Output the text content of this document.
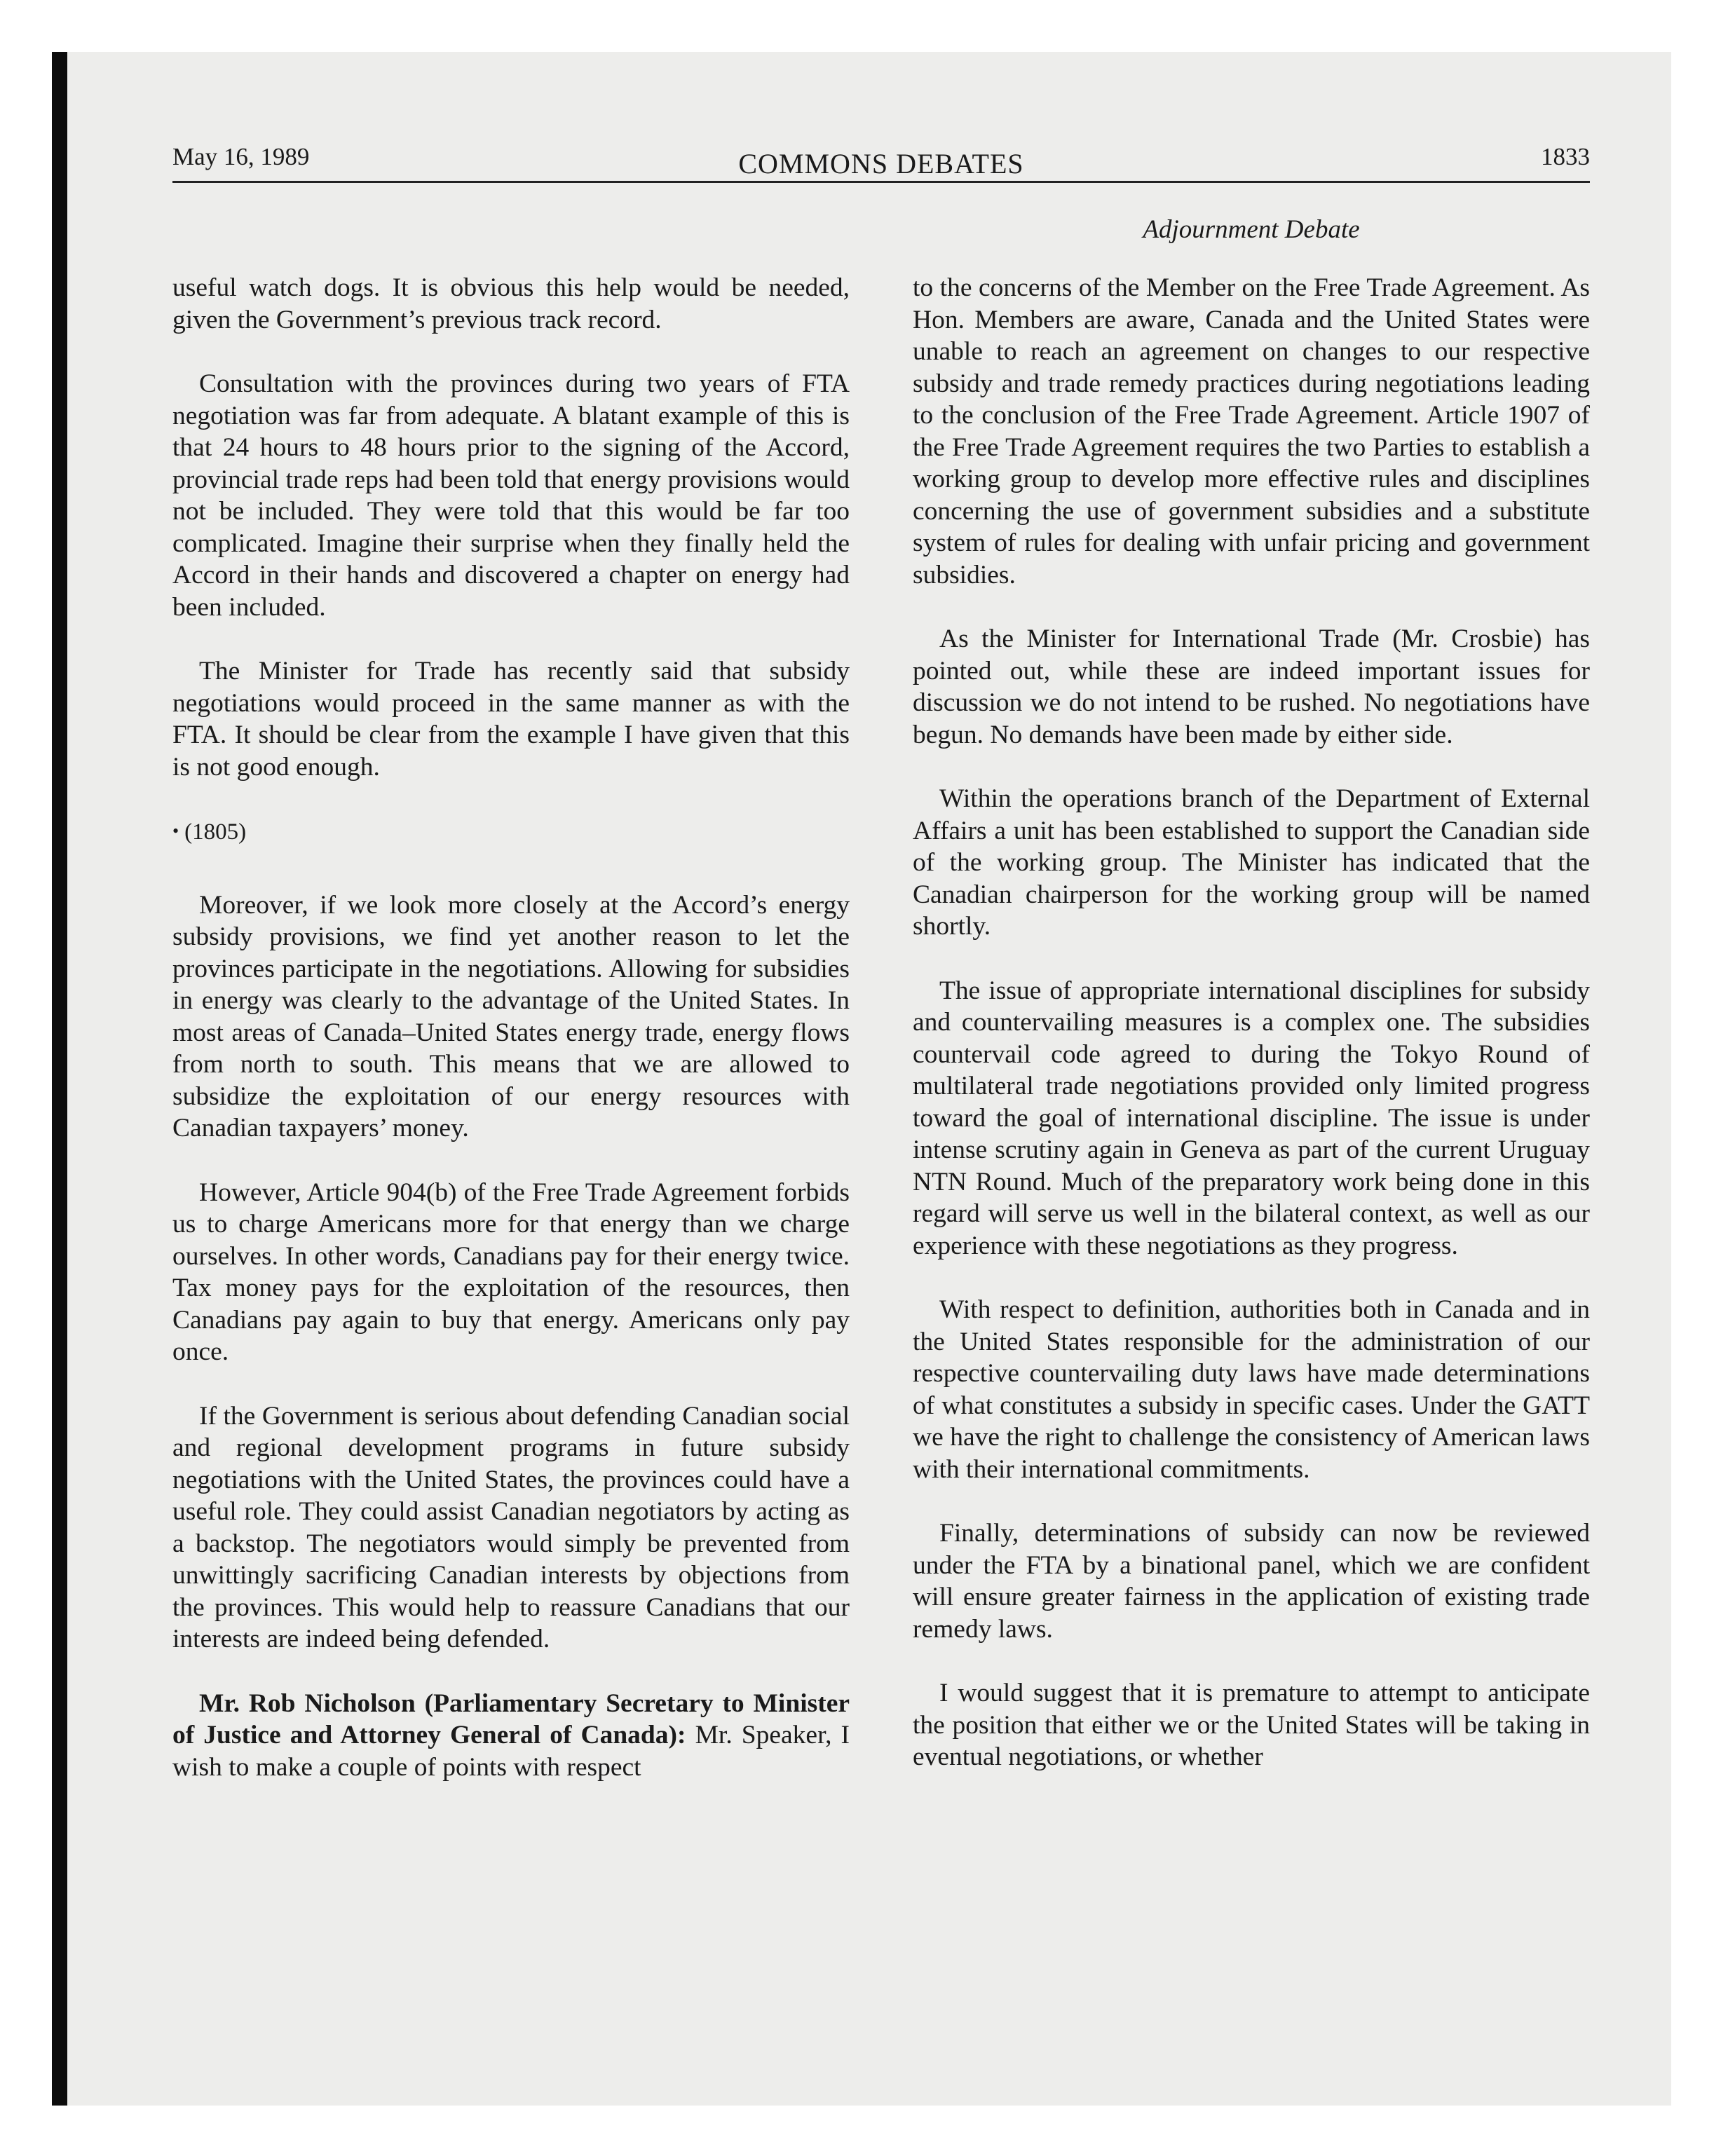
May 16, 1989	COMMONS DEBATES	1833
Adjournment Debate

useful watch dogs. It is obvious this help would be needed, given the Government’s previous track record.

Consultation with the provinces during two years of FTA negotiation was far from adequate. A blatant example of this is that 24 hours to 48 hours prior to the signing of the Accord, provincial trade reps had been told that energy provisions would not be included. They were told that this would be far too complicated. Imagine their surprise when they finally held the Accord in their hands and discovered a chapter on energy had been included.

The Minister for Trade has recently said that subsidy negotiations would proceed in the same manner as with the FTA. It should be clear from the example I have given that this is not good enough.

• (1805)

Moreover, if we look more closely at the Accord’s energy subsidy provisions, we find yet another reason to let the provinces participate in the negotiations. Allowing for subsidies in energy was clearly to the advantage of the United States. In most areas of Canada–United States energy trade, energy flows from north to south. This means that we are allowed to subsidize the exploitation of our energy resources with Canadian taxpayers’ money.

However, Article 904(b) of the Free Trade Agreement forbids us to charge Americans more for that energy than we charge ourselves. In other words, Canadians pay for their energy twice. Tax money pays for the exploitation of the resources, then Canadians pay again to buy that energy. Americans only pay once.

If the Government is serious about defending Canadian social and regional development programs in future subsidy negotiations with the United States, the provinces could have a useful role. They could assist Canadian negotiators by acting as a backstop. The negotiators would simply be prevented from unwittingly sacrificing Canadian interests by objections from the provinces. This would help to reassure Canadians that our interests are indeed being defended.

Mr. Rob Nicholson (Parliamentary Secretary to Minister of Justice and Attorney General of Canada): Mr. Speaker, I wish to make a couple of points with respect

to the concerns of the Member on the Free Trade Agreement. As Hon. Members are aware, Canada and the United States were unable to reach an agreement on changes to our respective subsidy and trade remedy practices during negotiations leading to the conclusion of the Free Trade Agreement. Article 1907 of the Free Trade Agreement requires the two Parties to establish a working group to develop more effective rules and disciplines concerning the use of government subsidies and a substitute system of rules for dealing with unfair pricing and government subsidies.

As the Minister for International Trade (Mr. Crosbie) has pointed out, while these are indeed important issues for discussion we do not intend to be rushed. No negotiations have begun. No demands have been made by either side.

Within the operations branch of the Department of External Affairs a unit has been established to support the Canadian side of the working group. The Minister has indicated that the Canadian chairperson for the working group will be named shortly.

The issue of appropriate international disciplines for subsidy and countervailing measures is a complex one. The subsidies countervail code agreed to during the Tokyo Round of multilateral trade negotiations provided only limited progress toward the goal of international discipline. The issue is under intense scrutiny again in Geneva as part of the current Uruguay NTN Round. Much of the preparatory work being done in this regard will serve us well in the bilateral context, as well as our experience with these negotiations as they progress.

With respect to definition, authorities both in Canada and in the United States responsible for the administration of our respective countervailing duty laws have made determinations of what constitutes a subsidy in specific cases. Under the GATT we have the right to challenge the consistency of American laws with their international commitments.

Finally, determinations of subsidy can now be reviewed under the FTA by a binational panel, which we are confident will ensure greater fairness in the application of existing trade remedy laws.

I would suggest that it is premature to attempt to anticipate the position that either we or the United States will be taking in eventual negotiations, or whether
